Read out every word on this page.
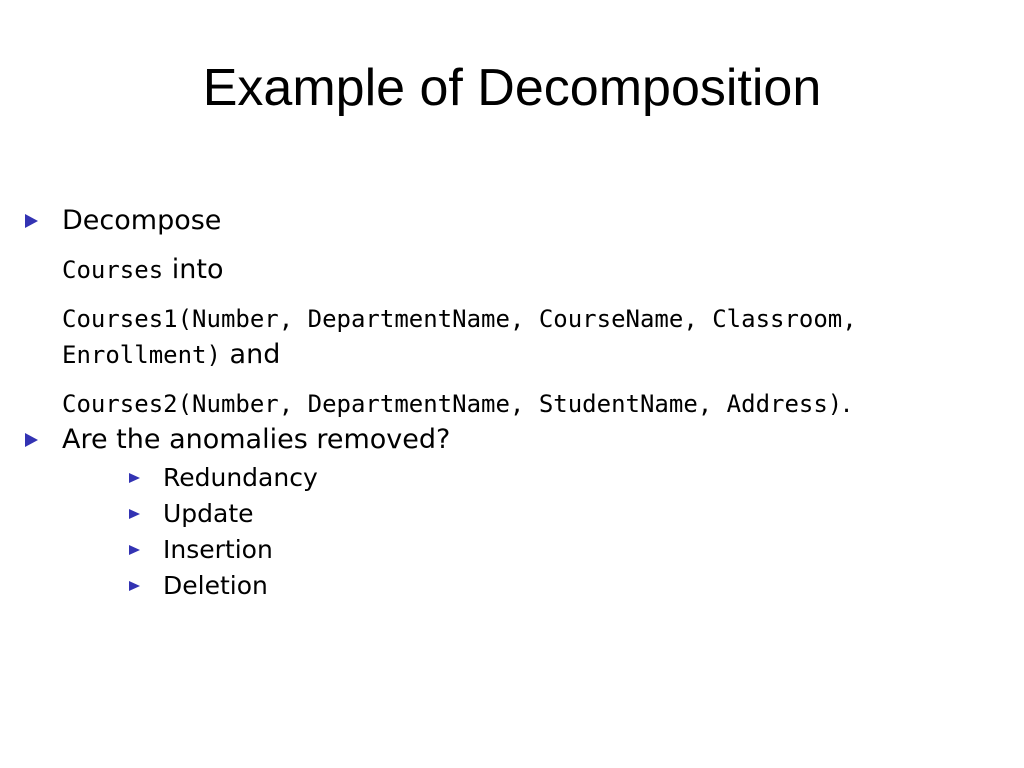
Example of Decomposition
Decompose
Courses into
Courses1(Number, DepartmentName, CourseName, Classroom,
Enrollment) and
Courses2(Number, DepartmentName, StudentName, Address).
Are the anomalies removed?
Redundancy
Update
Insertion
Deletion
